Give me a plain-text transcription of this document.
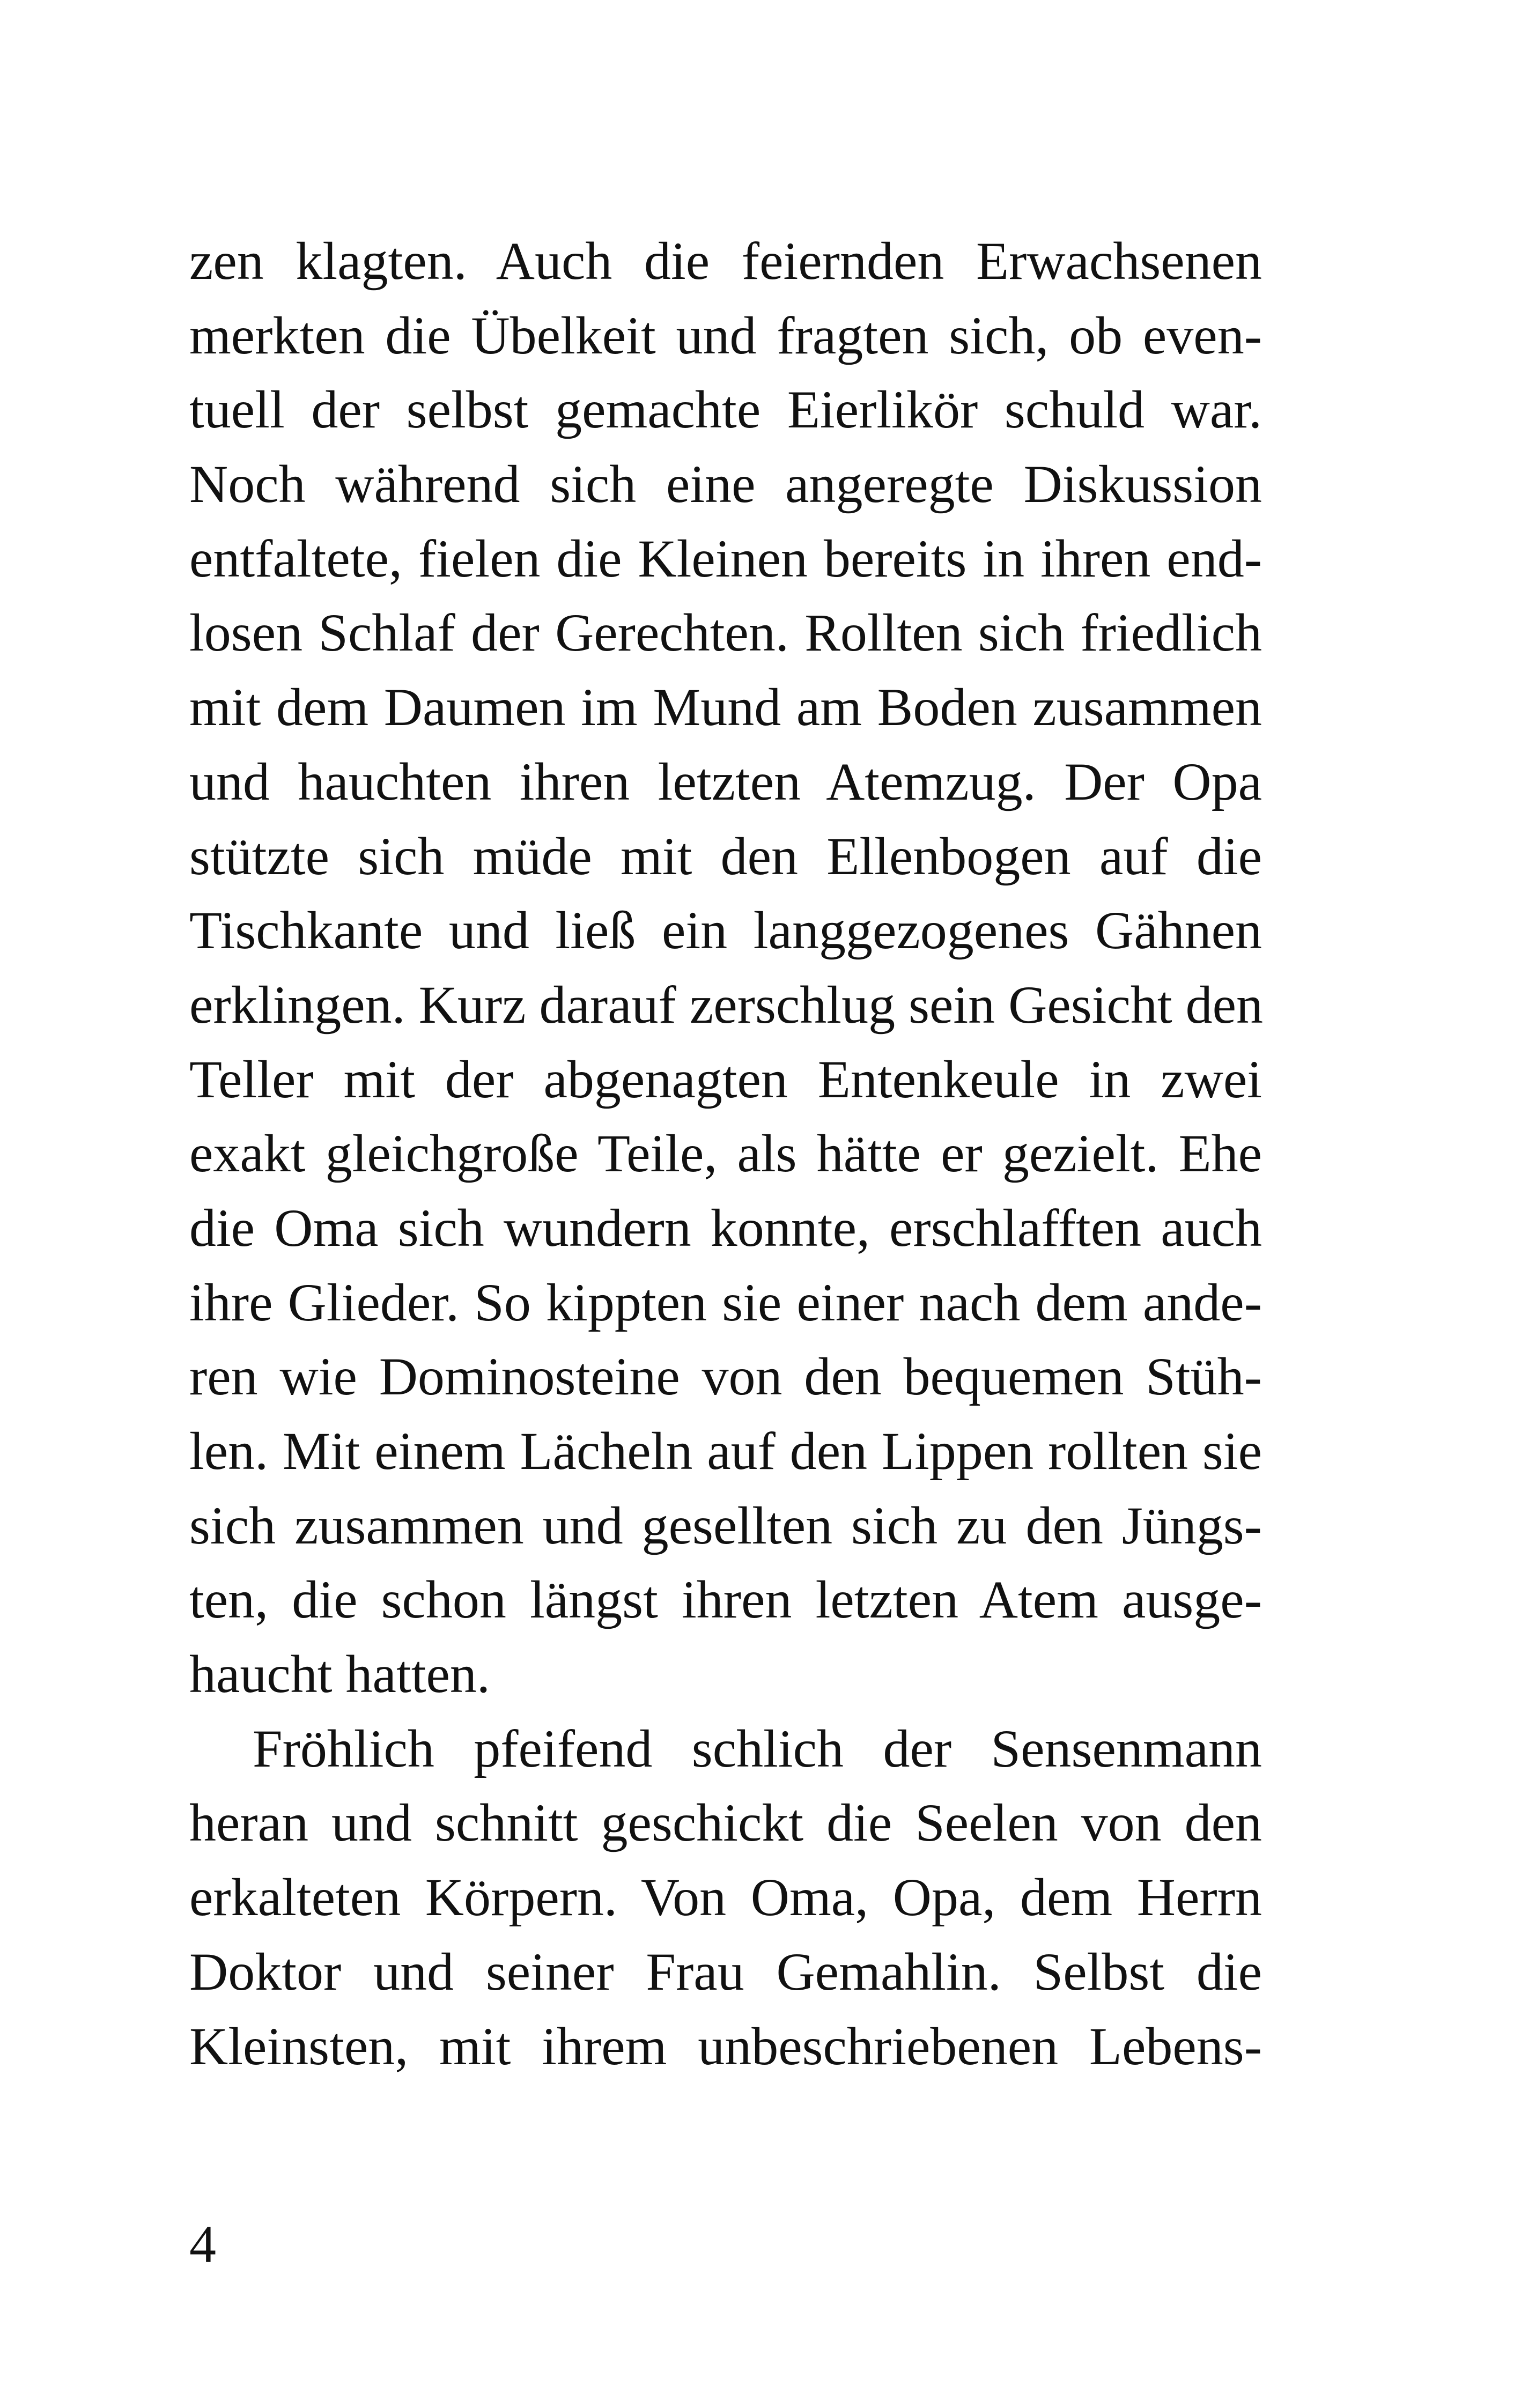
zen klagten. Auch die feiernden Erwachsenen
merkten die Übelkeit und fragten sich, ob even-
tuell der selbst gemachte Eierlikör schuld war.
Noch während sich eine angeregte Diskussion
entfaltete, fielen die Kleinen bereits in ihren end-
losen Schlaf der Gerechten. Rollten sich friedlich
mit dem Daumen im Mund am Boden zusammen
und hauchten ihren letzten Atemzug. Der Opa
stützte sich müde mit den Ellenbogen auf die
Tischkante und ließ ein langgezogenes Gähnen
erklingen. Kurz darauf zerschlug sein Gesicht den
Teller mit der abgenagten Entenkeule in zwei
exakt gleichgroße Teile, als hätte er gezielt. Ehe
die Oma sich wundern konnte, erschlafften auch
ihre Glieder. So kippten sie einer nach dem ande-
ren wie Dominosteine von den bequemen Stüh-
len. Mit einem Lächeln auf den Lippen rollten sie
sich zusammen und gesellten sich zu den Jüngs-
ten, die schon längst ihren letzten Atem ausge-
haucht hatten.
Fröhlich pfeifend schlich der Sensenmann
heran und schnitt geschickt die Seelen von den
erkalteten Körpern. Von Oma, Opa, dem Herrn
Doktor und seiner Frau Gemahlin. Selbst die
Kleinsten, mit ihrem unbeschriebenen Lebens-
4
